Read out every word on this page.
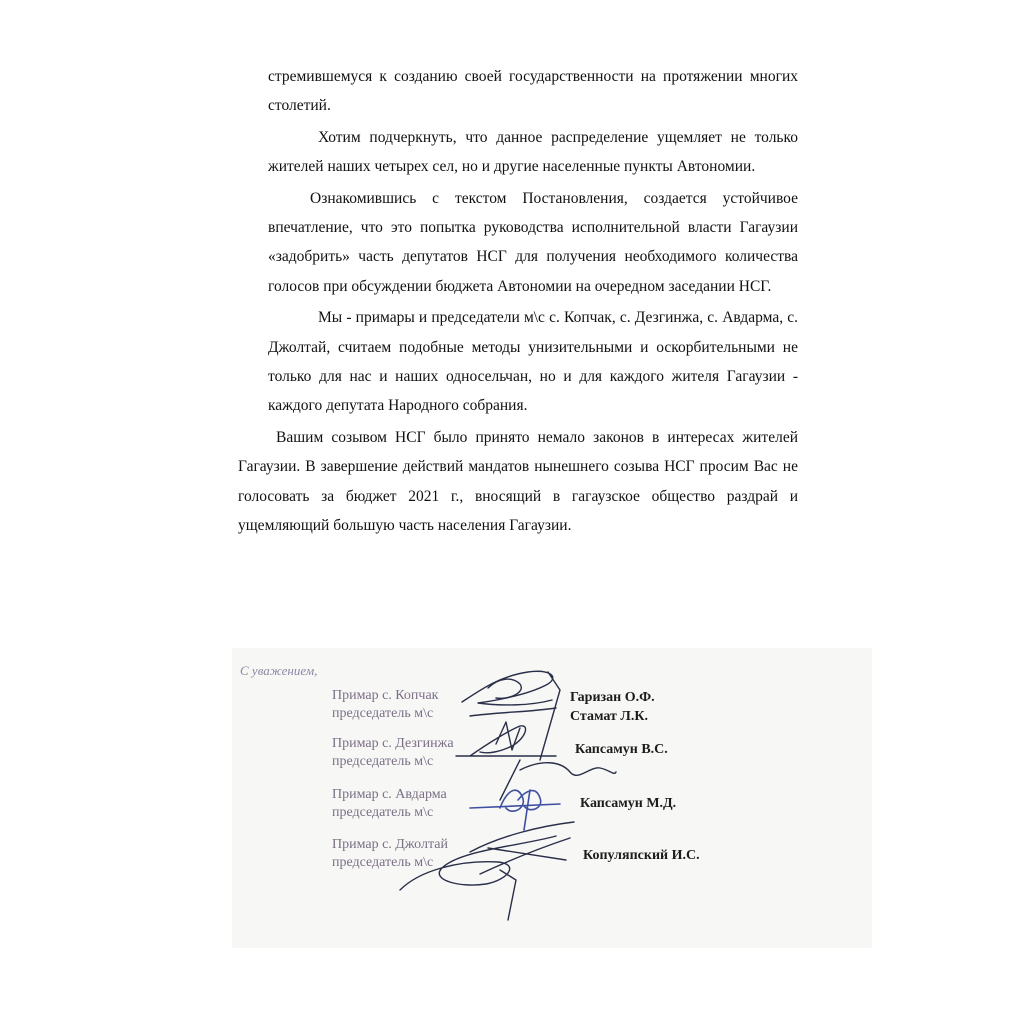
стремившемуся к созданию своей государственности на протяжении многих столетий.

Хотим подчеркнуть, что данное распределение ущемляет не только жителей наших четырех сел, но и другие населенные пункты Автономии.

Ознакомившись с текстом Постановления, создается устойчивое впечатление, что это попытка руководства исполнительной власти Гагаузии «задобрить» часть депутатов НСГ для получения необходимого количества голосов при обсуждении бюджета Автономии на очередном заседании НСГ.

Мы - примары и председатели м\с с. Копчак, с. Дезгинжа, с. Авдарма, с. Джолтай, считаем подобные методы унизительными и оскорбительными не только для нас и наших односельчан, но и для каждого жителя Гагаузии - каждого депутата Народного собрания.

Вашим созывом НСГ было принято немало законов в интересах жителей Гагаузии. В завершение действий мандатов нынешнего созыва НСГ просим Вас не голосовать за бюджет 2021 г., вносящий в гагаузское общество раздрай и ущемляющий большую часть населения Гагаузии.

С уважением,
Примар с. Копчак
председатель м\с
Гаризан О.Ф.
Стамат Л.К.
Примар с. Дезгинжа
председатель м\с
Капсамун В.С.
Примар с. Авдарма
председатель м\с
Капсамун М.Д.
Примар с. Джолтай
председатель м\с	Копуляпский И.С.
